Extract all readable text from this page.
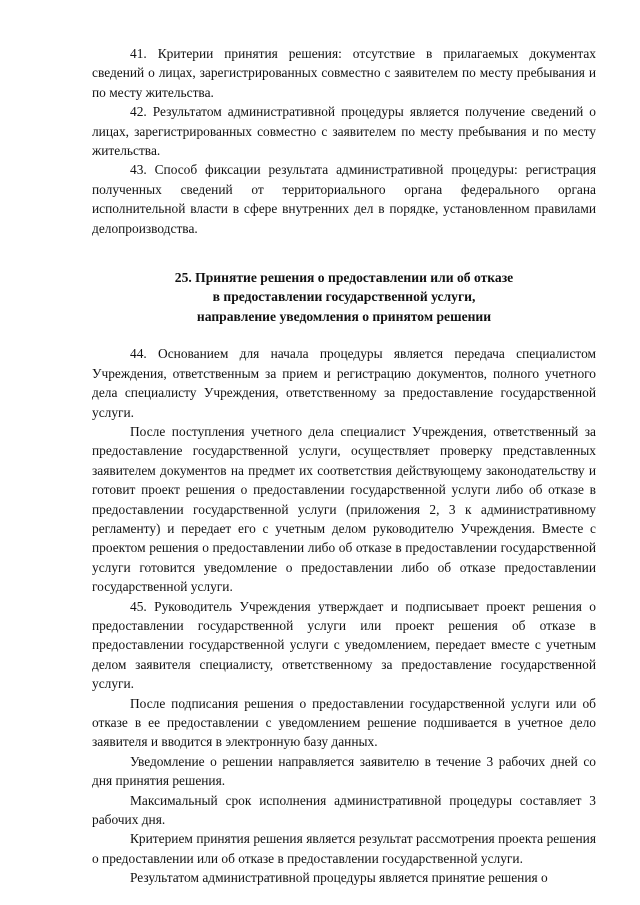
41. Критерии принятия решения: отсутствие в прилагаемых документах сведений о лицах, зарегистрированных совместно с заявителем по месту пребывания и по месту жительства.

42. Результатом административной процедуры является получение сведений о лицах, зарегистрированных совместно с заявителем по месту пребывания и по месту жительства.

43. Способ фиксации результата административной процедуры: регистрация полученных сведений от территориального органа федерального органа исполнительной власти в сфере внутренних дел в порядке, установленном правилами делопроизводства.

25. Принятие решения о предоставлении или об отказе
в предоставлении государственной услуги,
направление уведомления о принятом решении

44. Основанием для начала процедуры является передача специалистом Учреждения, ответственным за прием и регистрацию документов, полного учетного дела специалисту Учреждения, ответственному за предоставление государственной услуги.

После поступления учетного дела специалист Учреждения, ответственный за предоставление государственной услуги, осуществляет проверку представленных заявителем документов на предмет их соответствия действующему законодательству и готовит проект решения о предоставлении государственной услуги либо об отказе в предоставлении государственной услуги (приложения 2, 3 к административному регламенту) и передает его с учетным делом руководителю Учреждения. Вместе с проектом решения о предоставлении либо об отказе в предоставлении государственной услуги готовится уведомление о предоставлении либо об отказе предоставлении государственной услуги.

45. Руководитель Учреждения утверждает и подписывает проект решения о предоставлении государственной услуги или проект решения об отказе в предоставлении государственной услуги с уведомлением, передает вместе с учетным делом заявителя специалисту, ответственному за предоставление государственной услуги.

После подписания решения о предоставлении государственной услуги или об отказе в ее предоставлении с уведомлением решение подшивается в учетное дело заявителя и вводится в электронную базу данных.

Уведомление о решении направляется заявителю в течение 3 рабочих дней со дня принятия решения.

Максимальный срок исполнения административной процедуры составляет 3 рабочих дня.

Критерием принятия решения является результат рассмотрения проекта решения о предоставлении или об отказе в предоставлении государственной услуги.

Результатом административной процедуры является принятие решения о
